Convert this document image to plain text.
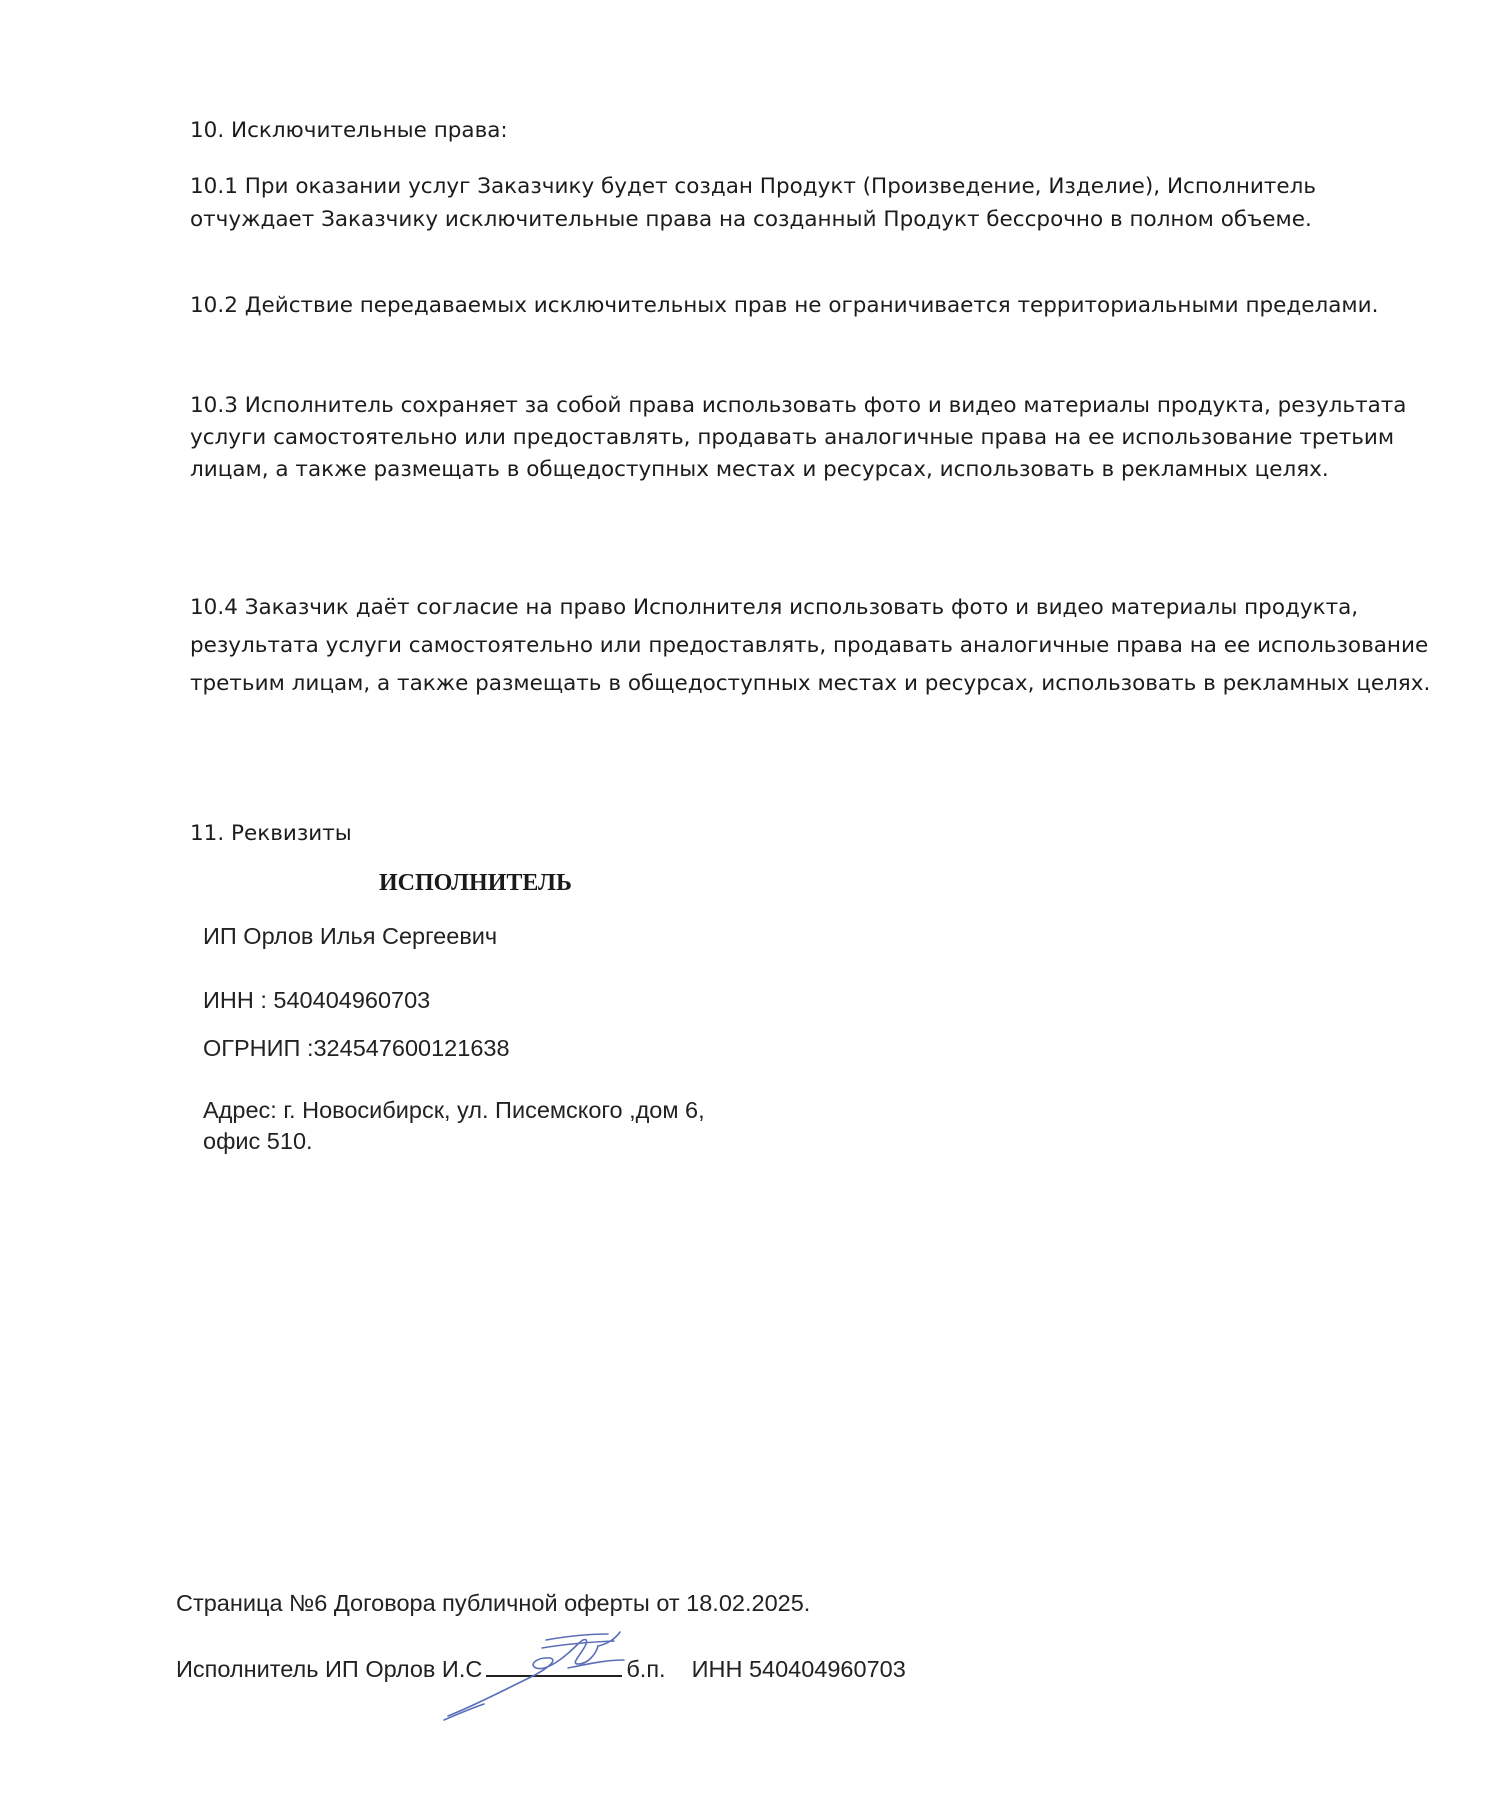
10. Исключительные права:

10.1 При оказании услуг Заказчику будет создан Продукт (Произведение, Изделие), Исполнитель отчуждает Заказчику исключительные права на созданный Продукт бессрочно в полном объеме.

10.2 Действие передаваемых исключительных прав не ограничивается территориальными пределами.

10.3 Исполнитель сохраняет за собой права использовать фото и видео материалы продукта, результата услуги самостоятельно или предоставлять, продавать аналогичные права на ее использование третьим лицам, а также размещать в общедоступных местах и ресурсах, использовать в рекламных целях.

10.4 Заказчик даёт согласие на право Исполнителя использовать фото и видео материалы продукта, результата услуги самостоятельно или предоставлять, продавать аналогичные права на ее использование третьим лицам, а также размещать в общедоступных местах и ресурсах, использовать в рекламных целях.

11. Реквизиты

ИСПОЛНИТЕЛЬ

ИП Орлов Илья Сергеевич

ИНН : 540404960703

ОГРНИП :324547600121638

Адрес: г. Новосибирск, ул. Писемского ,дом 6,
офис 510.

Страница №6 Договора публичной оферты от 18.02.2025.

Исполнитель ИП Орлов И.С	б.п. ИНН 540404960703
